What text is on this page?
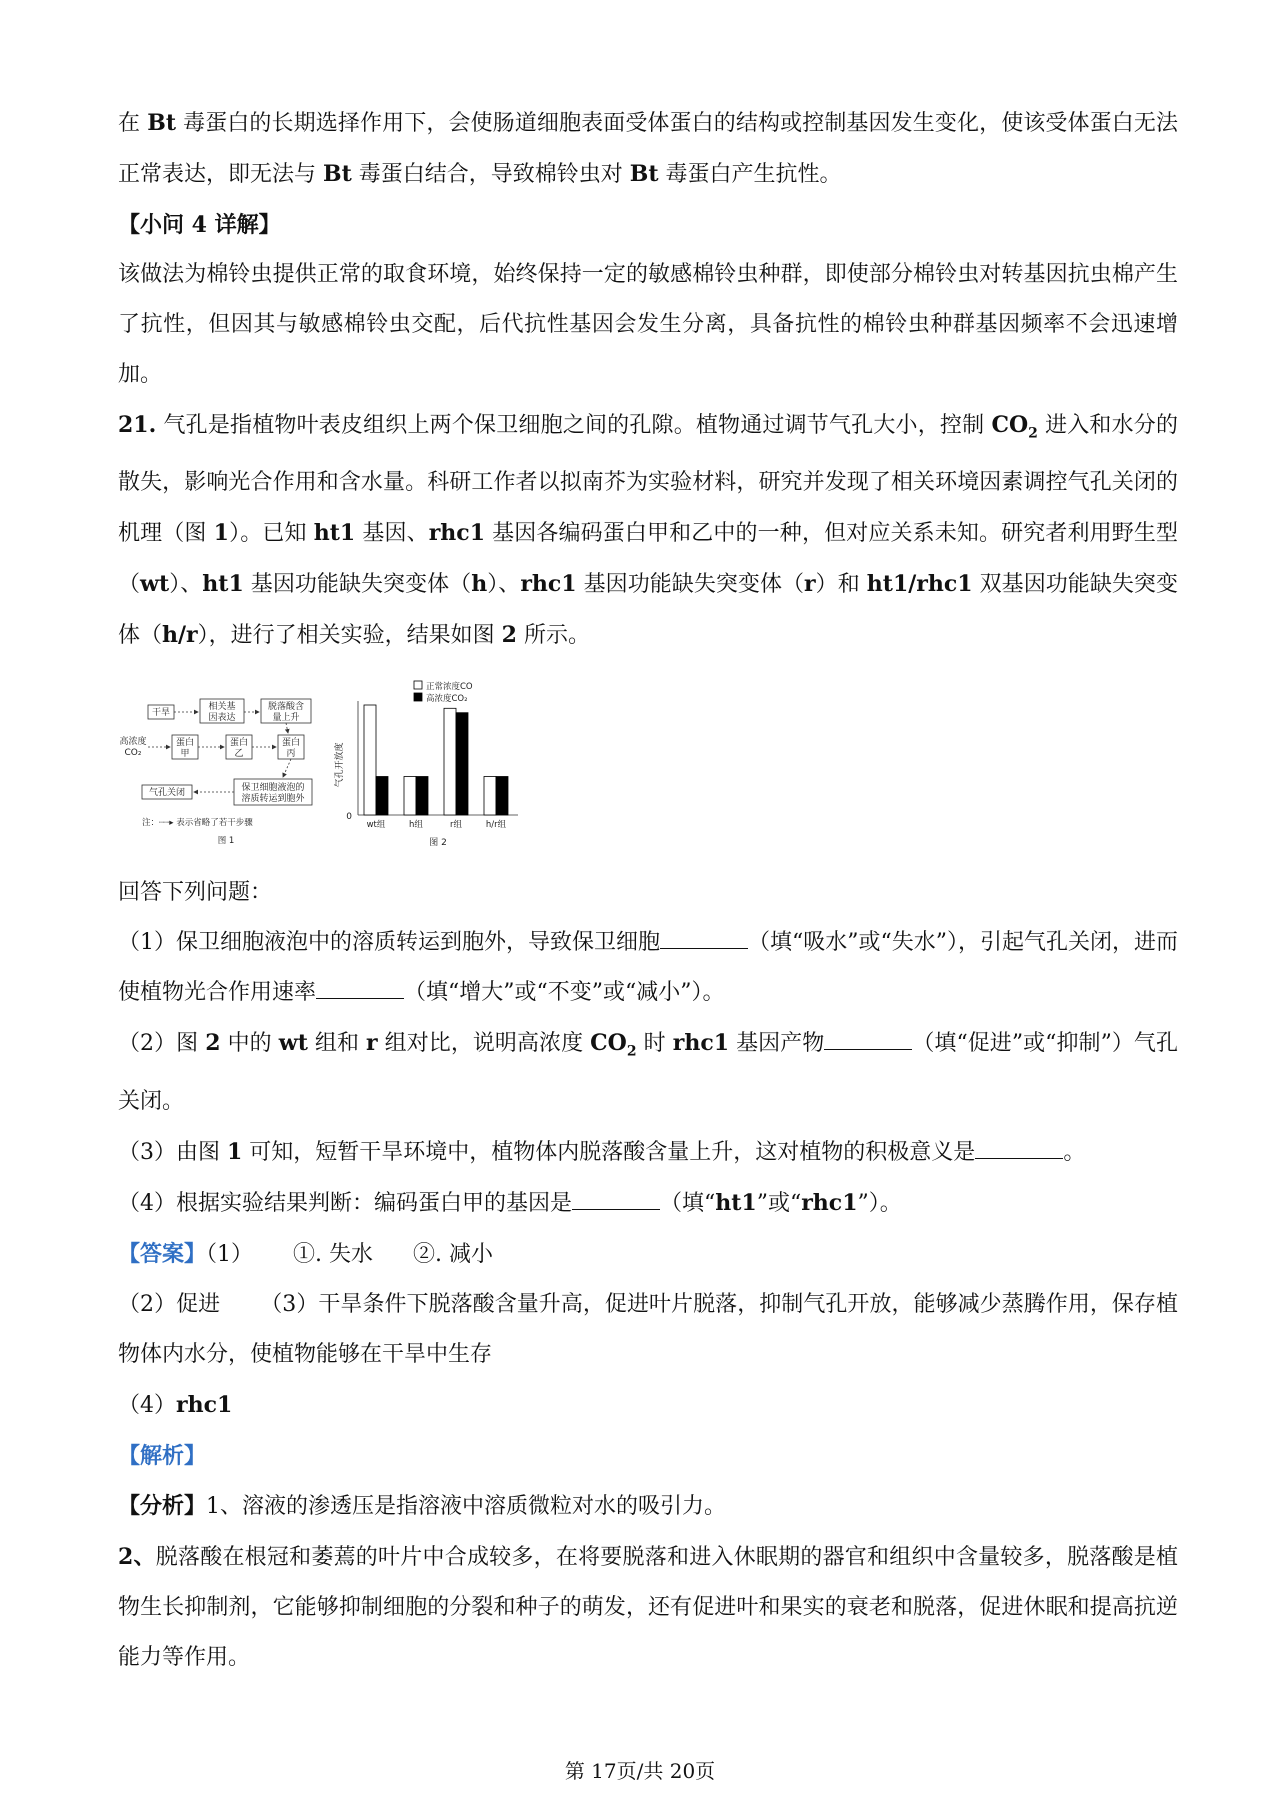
在 Bt 毒蛋白的长期选择作用下，会使肠道细胞表面受体蛋白的结构或控制基因发生变化，使该受体蛋白无法正常表达，即无法与 Bt 毒蛋白结合，导致棉铃虫对 Bt 毒蛋白产生抗性。

【小问 4 详解】

该做法为棉铃虫提供正常的取食环境，始终保持一定的敏感棉铃虫种群，即使部分棉铃虫对转基因抗虫棉产生了抗性，但因其与敏感棉铃虫交配，后代抗性基因会发生分离，具备抗性的棉铃虫种群基因频率不会迅速增加。

21. 气孔是指植物叶表皮组织上两个保卫细胞之间的孔隙。植物通过调节气孔大小，控制 $CO_2$ 进入和水分的散失，影响光合作用和含水量。科研工作者以拟南芥为实验材料，研究并发现了相关环境因素调控气孔关闭的机理（图 1）。已知 ht1 基因、rhc1 基因各编码蛋白甲和乙中的一种，但对应关系未知。研究者利用野生型（wt）、ht1 基因功能缺失突变体（h）、rhc1 基因功能缺失突变体（r）和 ht1/rhc1 双基因功能缺失突变体（h/r），进行了相关实验，结果如图 2 所示。

干旱
相关基
因表达
脱落酸含
量上升
高浓度
CO₂
蛋白
甲
蛋白
乙
蛋白
丙
保卫细胞液泡的
溶质转运到胞外
气孔关闭
注：┈┈▸ 表示省略了若干步骤
图 1
正常浓度CO
高浓度CO₂
气孔开放度
0
wt组	h组	r组	h/r组
图 2

回答下列问题：

（1）保卫细胞液泡中的溶质转运到胞外，导致保卫细胞	（填“吸水”或“失水”），引起气孔关闭，进而使植物光合作用速率	（填“增大”或“不变”或“减小”）。

（2）图 2 中的 wt 组和 r 组对比，说明高浓度 $CO_2$ 时 rhc1 基因产物	（填“促进”或“抑制”）气孔关闭。

（3）由图 1 可知，短暂干旱环境中，植物体内脱落酸含量上升，这对植物的积极意义是	。

（4）根据实验结果判断：编码蛋白甲的基因是	（填“ht1”或“rhc1”）。

【答案】（1） ①. 失水 ②. 减小

（2）促进 （3）干旱条件下脱落酸含量升高，促进叶片脱落，抑制气孔开放，能够减少蒸腾作用，保存植物体内水分，使植物能够在干旱中生存

（4）rhc1

【解析】

【分析】1、溶液的渗透压是指溶液中溶质微粒对水的吸引力。

2、脱落酸在根冠和萎蔫的叶片中合成较多，在将要脱落和进入休眠期的器官和组织中含量较多，脱落酸是植物生长抑制剂，它能够抑制细胞的分裂和种子的萌发，还有促进叶和果实的衰老和脱落，促进休眠和提高抗逆能力等作用。

第 17页/共 20页
